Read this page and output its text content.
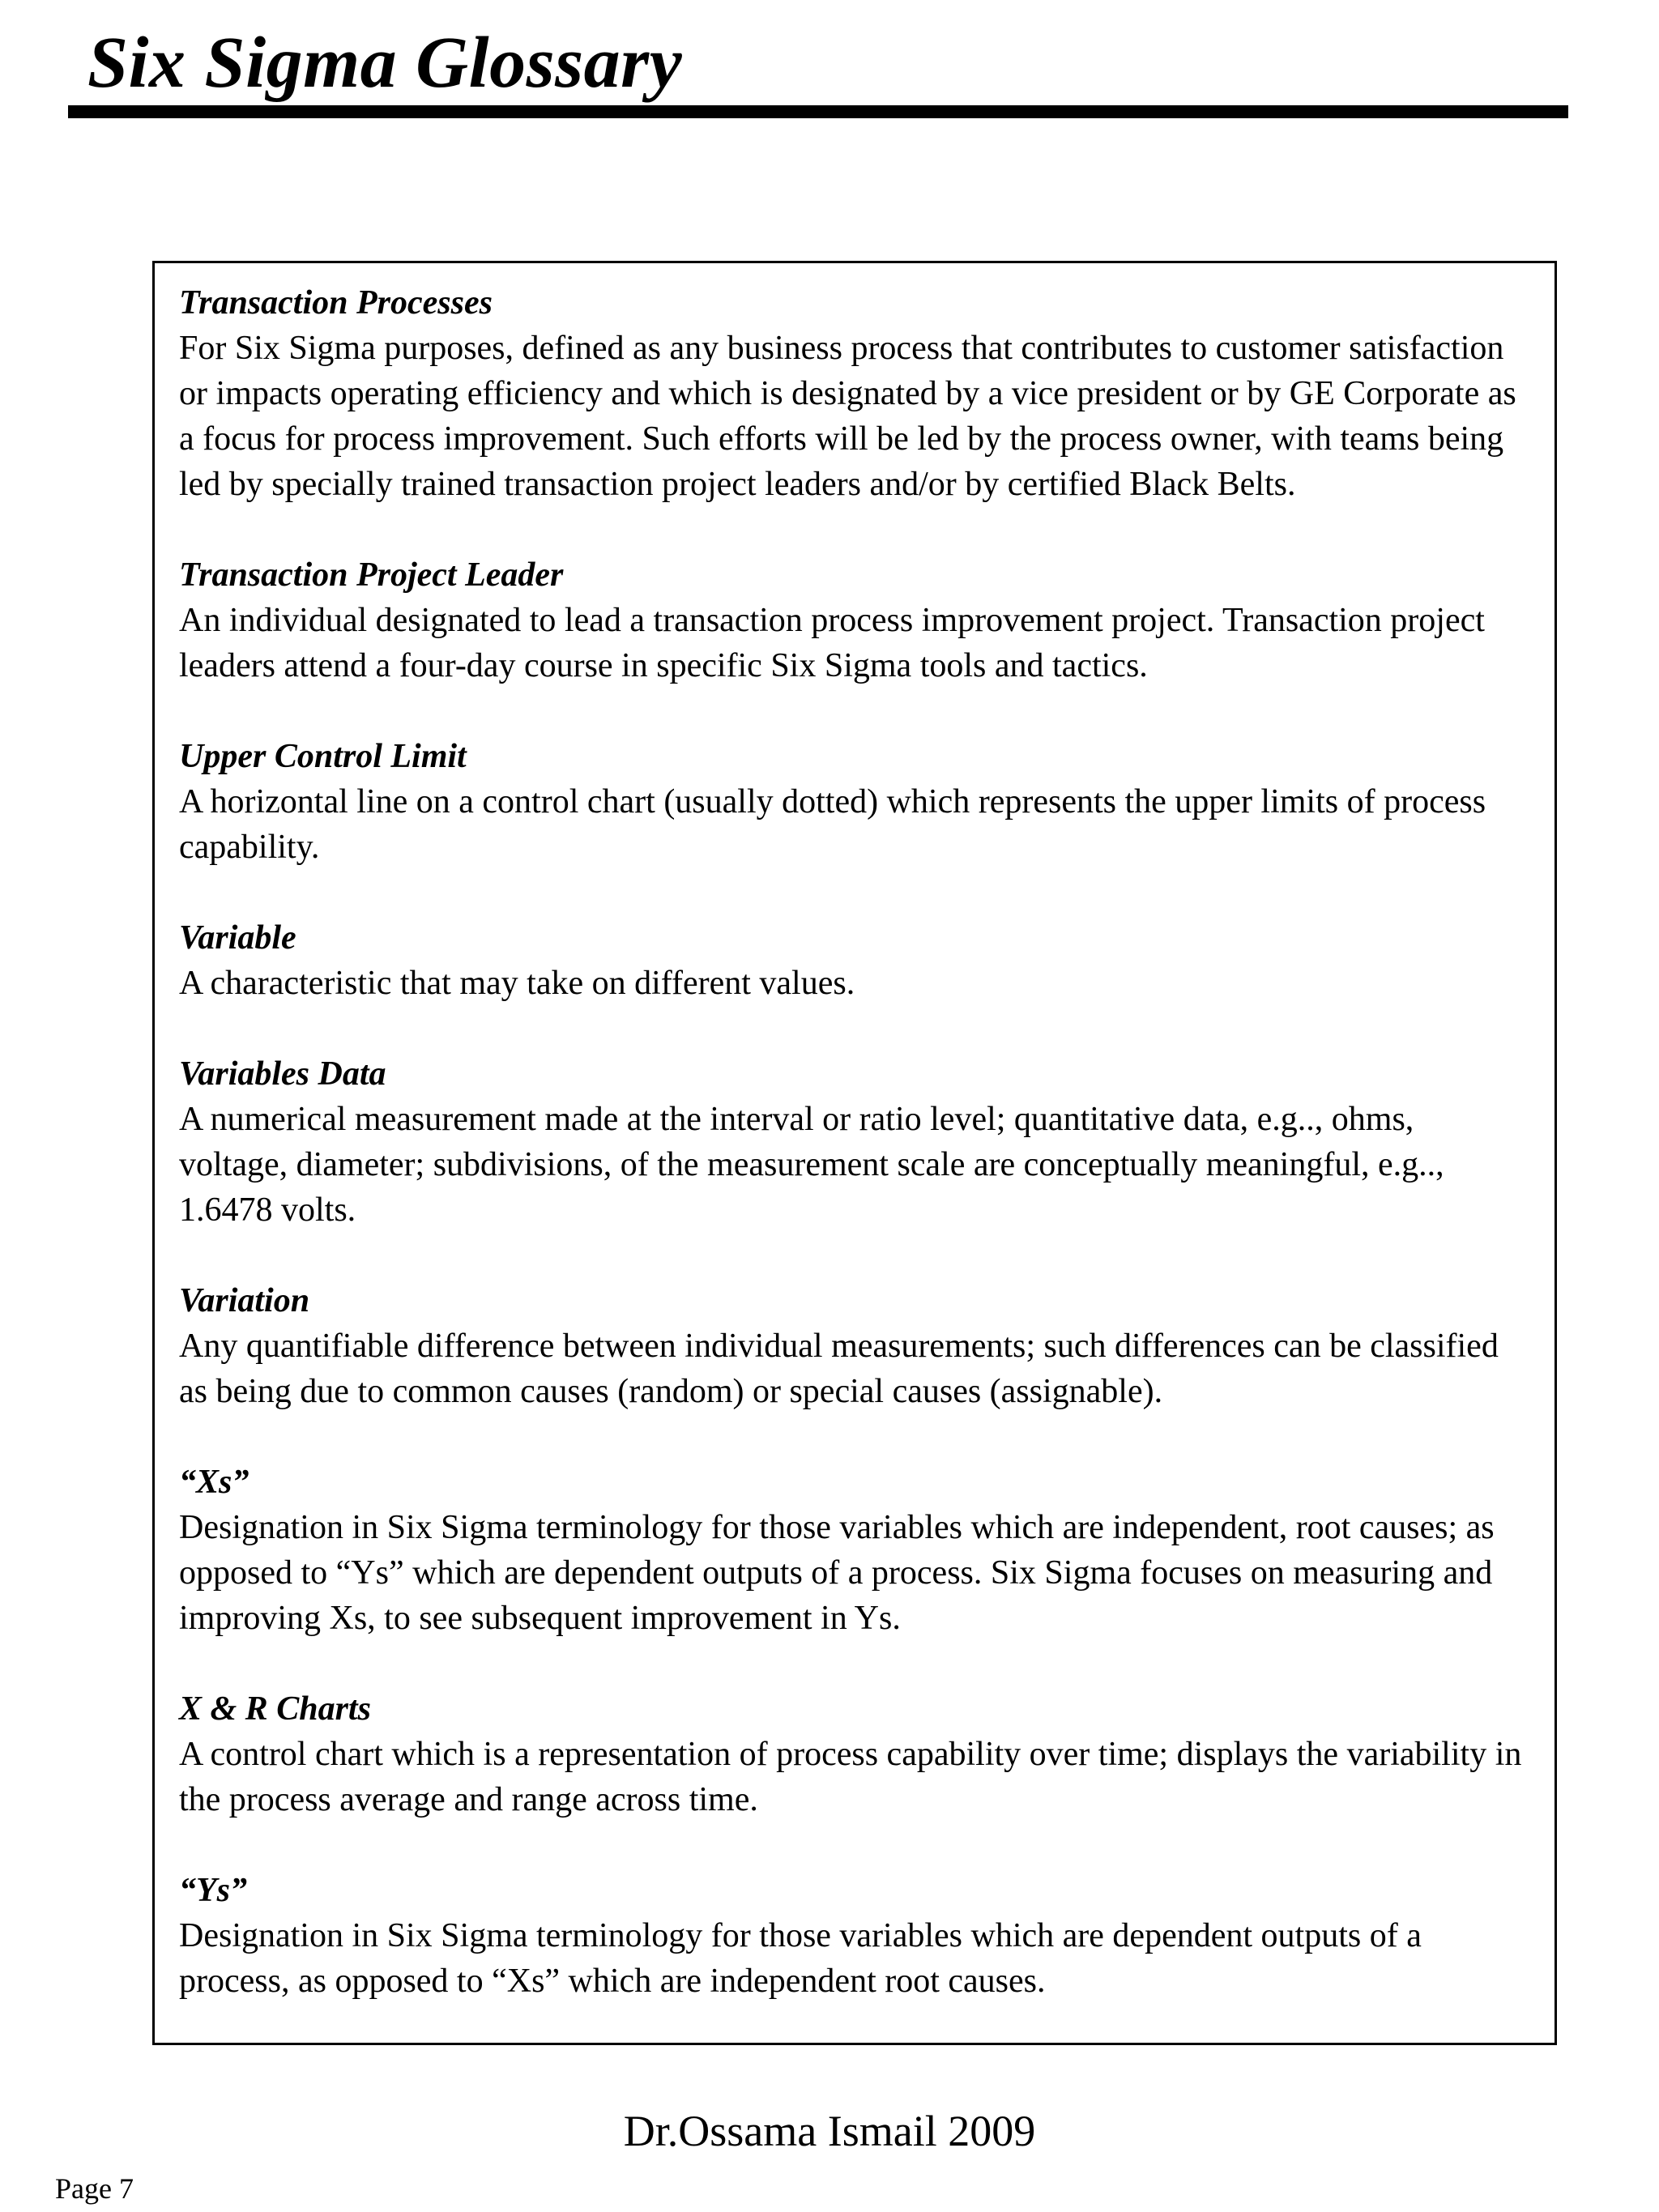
Six Sigma Glossary
Transaction Processes
For Six Sigma purposes, defined as any business process that contributes to customer satisfaction or impacts operating efficiency and which is designated by a vice president or by GE Corporate as a focus for process improvement. Such efforts will be led by the process owner, with teams being led by specially trained transaction project leaders and/or by certified Black Belts.
Transaction Project Leader
An individual designated to lead a transaction process improvement project. Transaction project leaders attend a four-day course in specific Six Sigma tools and tactics.
Upper Control Limit
A horizontal line on a control chart (usually dotted) which represents the upper limits of process capability.
Variable
A characteristic that may take on different values.
Variables Data
A numerical measurement made at the interval or ratio level; quantitative data, e.g.., ohms, voltage, diameter; subdivisions, of the measurement scale are conceptually meaningful, e.g.., 1.6478 volts.
Variation
Any quantifiable difference between individual measurements; such differences can be classified as being due to common causes (random) or special causes (assignable).
“Xs”
Designation in Six Sigma terminology for those variables which are independent, root causes; as opposed to “Ys” which are dependent outputs of a process. Six Sigma focuses on measuring and improving Xs, to see subsequent improvement in Ys.
X & R Charts
A control chart which is a representation of process capability over time; displays the variability in the process average and range across time.
“Ys”
Designation in Six Sigma terminology for those variables which are dependent outputs of a process, as opposed to “Xs” which are independent root causes.
Dr.Ossama Ismail 2009
Page 7
